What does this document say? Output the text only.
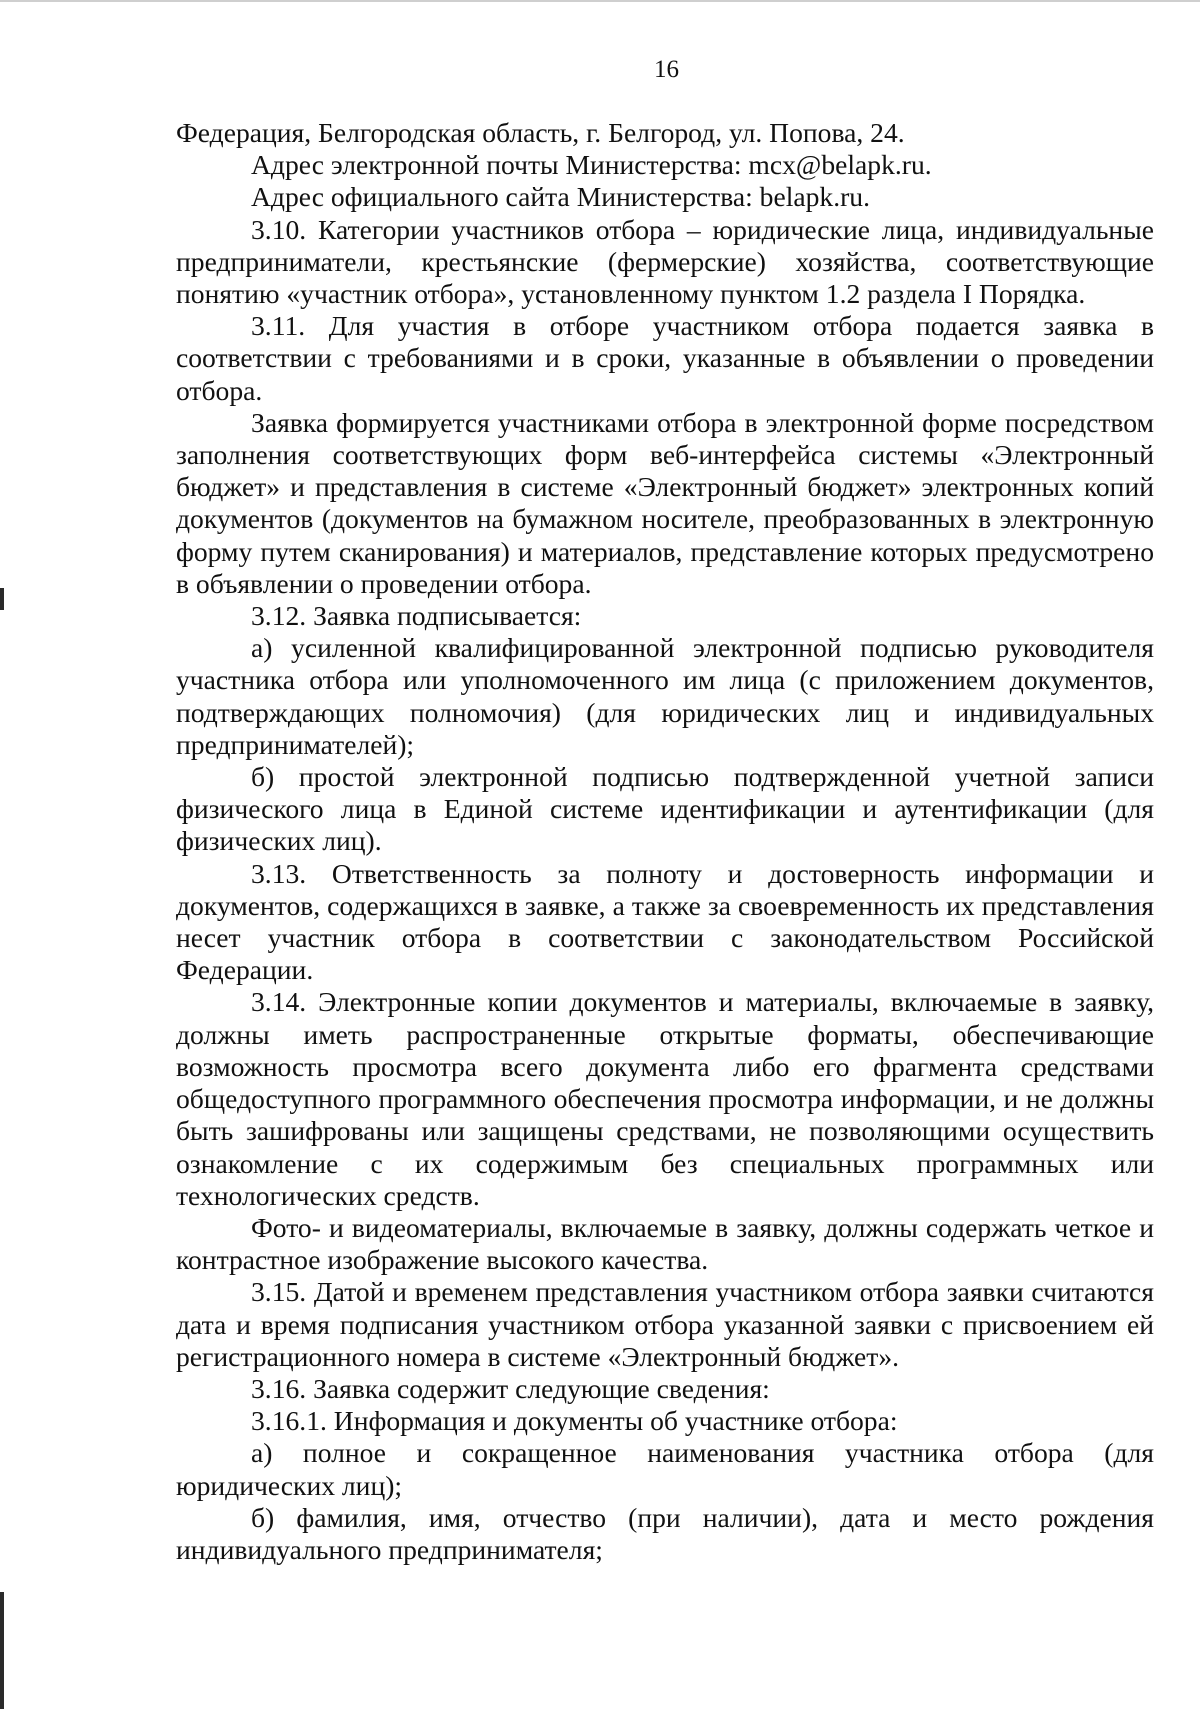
16

Федерация, Белгородская область, г. Белгород, ул. Попова, 24.

Адрес электронной почты Министерства: mcx@belapk.ru.

Адрес официального сайта Министерства: belapk.ru.

3.10. Категории участников отбора – юридические лица, индивидуальные предприниматели, крестьянские (фермерские) хозяйства, соответствующие понятию «участник отбора», установленному пунктом 1.2 раздела I Порядка.

3.11. Для участия в отборе участником отбора подается заявка в соответствии с требованиями и в сроки, указанные в объявлении о проведении отбора.

Заявка формируется участниками отбора в электронной форме посредством заполнения соответствующих форм веб-интерфейса системы «Электронный бюджет» и представления в системе «Электронный бюджет» электронных копий документов (документов на бумажном носителе, преобразованных в электронную форму путем сканирования) и материалов, представление которых предусмотрено в объявлении о проведении отбора.

3.12. Заявка подписывается:

а) усиленной квалифицированной электронной подписью руководителя участника отбора или уполномоченного им лица (с приложением документов, подтверждающих полномочия) (для юридических лиц и индивидуальных предпринимателей);

б) простой электронной подписью подтвержденной учетной записи физического лица в Единой системе идентификации и аутентификации (для физических лиц).

3.13. Ответственность за полноту и достоверность информации и документов, содержащихся в заявке, а также за своевременность их представления несет участник отбора в соответствии с законодательством Российской Федерации.

3.14. Электронные копии документов и материалы, включаемые в заявку, должны иметь распространенные открытые форматы, обеспечивающие возможность просмотра всего документа либо его фрагмента средствами общедоступного программного обеспечения просмотра информации, и не должны быть зашифрованы или защищены средствами, не позволяющими осуществить ознакомление с их содержимым без специальных программных или технологических средств.

Фото- и видеоматериалы, включаемые в заявку, должны содержать четкое и контрастное изображение высокого качества.

3.15. Датой и временем представления участником отбора заявки считаются дата и время подписания участником отбора указанной заявки с присвоением ей регистрационного номера в системе «Электронный бюджет».

3.16. Заявка содержит следующие сведения:

3.16.1. Информация и документы об участнике отбора:

а) полное и сокращенное наименования участника отбора (для юридических лиц);

б) фамилия, имя, отчество (при наличии), дата и место рождения индивидуального предпринимателя;
